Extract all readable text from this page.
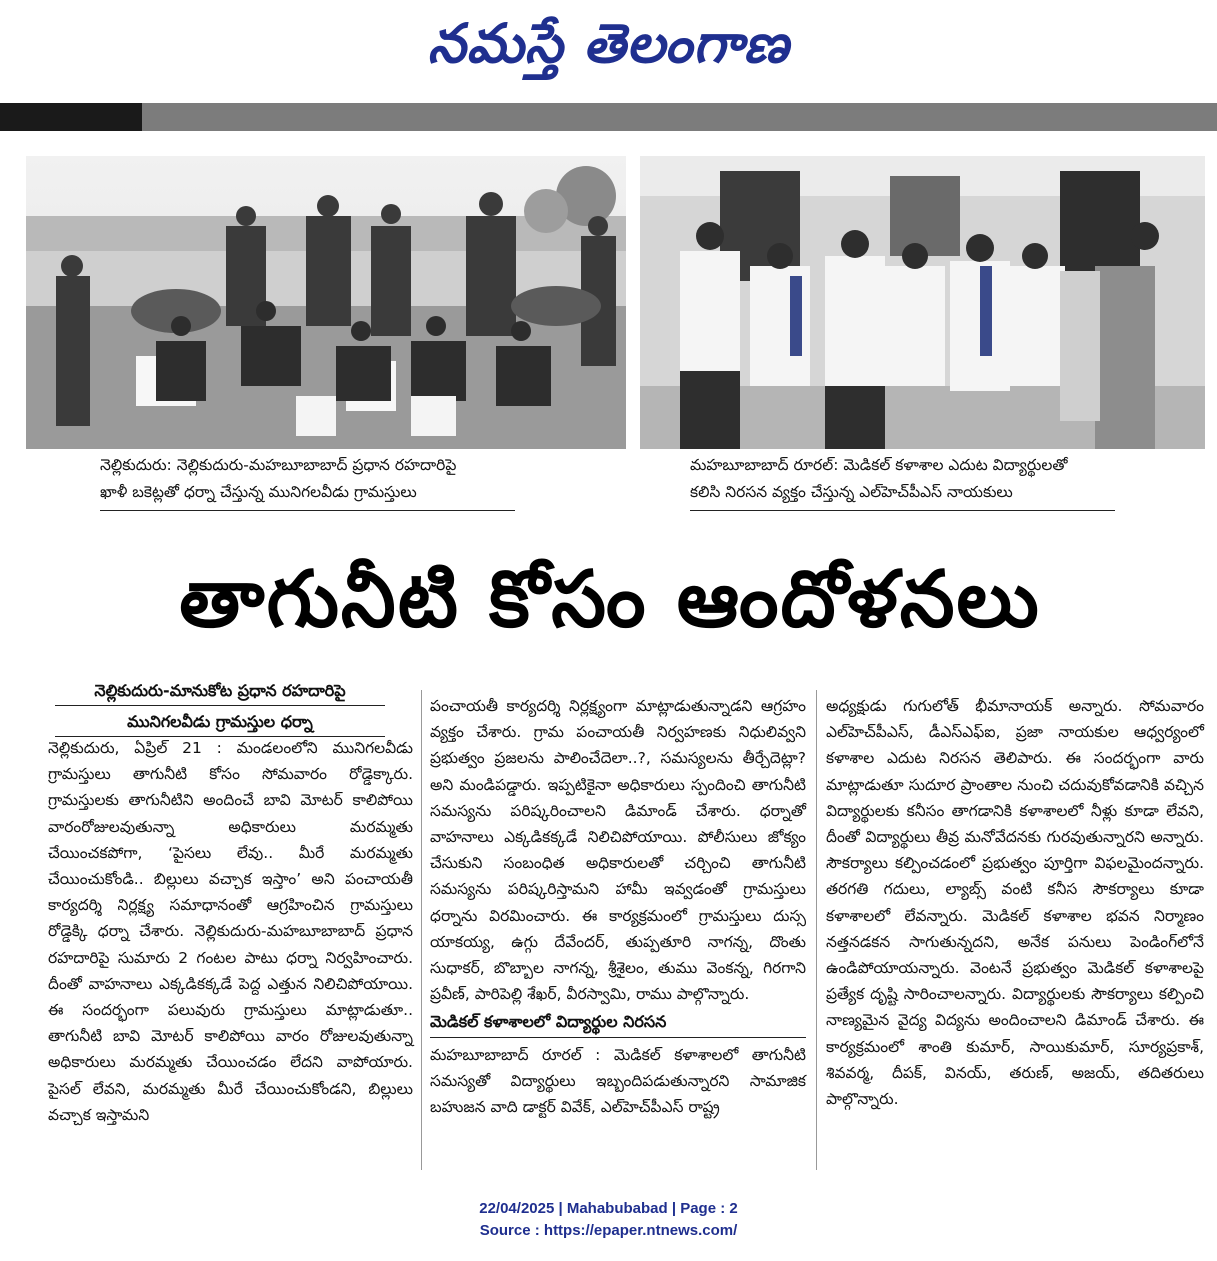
నమస్తే తెలంగాణ
నెల్లికుదురు: నెల్లికుదురు-మహబూబాబాద్ ప్రధాన రహదారిపై
ఖాళీ బకెట్లతో ధర్నా చేస్తున్న మునిగలవీడు గ్రామస్తులు
మహబూబాబాద్ రూరల్: మెడికల్ కళాశాల ఎదుట విద్యార్థులతో
కలిసి నిరసన వ్యక్తం చేస్తున్న ఎల్‌హెచ్‌పీఎస్ నాయకులు
తాగునీటి కోసం ఆందోళనలు
నెల్లికుదురు-మానుకోట ప్రధాన రహదారిపై
మునిగలవీడు గ్రామస్తుల ధర్నా

నెల్లికుదురు, ఏప్రిల్ 21 : మండలంలోని మునిగలవీడు గ్రామస్తులు తాగునీటి కోసం సోమవారం రోడ్డెక్కారు. గ్రామస్తులకు తాగునీటిని అందించే బావి మోటర్ కాలిపోయి వారంరోజులవుతున్నా అధికారులు మరమ్మతు చేయించకపోగా, ‘పైసలు లేవు.. మీరే మరమ్మతు చేయించుకోండి.. బిల్లులు వచ్చాక ఇస్తాం’ అని పంచాయతీ కార్యదర్శి నిర్లక్ష్య సమాధానంతో ఆగ్రహించిన గ్రామస్తులు రోడ్డెక్కి ధర్నా చేశారు. నెల్లికుదురు-మహబూబాబాద్ ప్రధాన రహదారిపై సుమారు 2 గంటల పాటు ధర్నా నిర్వహించారు. దీంతో వాహనాలు ఎక్కడికక్కడే పెద్ద ఎత్తున నిలిచిపోయాయి. ఈ సందర్భంగా పలువురు గ్రామస్తులు మాట్లాడుతూ.. తాగునీటి బావి మోటర్ కాలిపోయి వారం రోజులవుతున్నా అధికారులు మరమ్మతు చేయించడం లేదని వాపోయారు. పైసల్ లేవని, మరమ్మతు మీరే చేయించుకోండని, బిల్లులు వచ్చాక ఇస్తామని

పంచాయతీ కార్యదర్శి నిర్లక్ష్యంగా మాట్లాడుతున్నాడని ఆగ్రహం వ్యక్తం చేశారు. గ్రామ పంచాయతీ నిర్వహణకు నిధులివ్వని ప్రభుత్వం ప్రజలను పాలించేదెలా..?, సమస్యలను తీర్చేదెట్లా? అని మండిపడ్డారు. ఇప్పటికైనా అధికారులు స్పందించి తాగునీటి సమస్యను పరిష్కరించాలని డిమాండ్ చేశారు. ధర్నాతో వాహనాలు ఎక్కడికక్కడే నిలిచిపోయాయి. పోలీసులు జోక్యం చేసుకుని సంబంధిత అధికారులతో చర్చించి తాగునీటి సమస్యను పరిష్కరిస్తామని హామీ ఇవ్వడంతో గ్రామస్తులు ధర్నాను విరమించారు. ఈ కార్యక్రమంలో గ్రామస్తులు దుస్స యాకయ్య, ఉగ్గు దేవేందర్, తుప్పతూరి నాగన్న, దొంతు సుధాకర్, బొబ్బాల నాగన్న, శ్రీశైలం, తుము వెంకన్న, గిరగాని ప్రవీణ్, పారిపెల్లి శేఖర్, వీరస్వామి, రాము పాల్గొన్నారు.

మెడికల్ కళాశాలలో విద్యార్థుల నిరసన

మహబూబాబాద్ రూరల్ : మెడికల్ కళాశాలలో తాగునీటి సమస్యతో విద్యార్థులు ఇబ్బందిపడుతున్నారని సామాజిక బహుజన వాది డాక్టర్ వివేక్, ఎల్‌హెచ్‌పీఎస్ రాష్ట్ర

అధ్యక్షుడు గుగులోత్ భీమానాయక్ అన్నారు. సోమవారం ఎల్‌హెచ్‌పీఎస్, డీఎస్‌ఎఫ్‌ఐ, ప్రజా నాయకుల ఆధ్వర్యంలో కళాశాల ఎదుట నిరసన తెలిపారు. ఈ సందర్భంగా వారు మాట్లాడుతూ సుదూర ప్రాంతాల నుంచి చదువుకోవడానికి వచ్చిన విద్యార్థులకు కనీసం తాగడానికి కళాశాలలో నీళ్లు కూడా లేవని, దీంతో విద్యార్థులు తీవ్ర మనోవేదనకు గురవుతున్నారని అన్నారు. సౌకర్యాలు కల్పించడంలో ప్రభుత్వం పూర్తిగా విఫలమైందన్నారు. తరగతి గదులు, ల్యాబ్స్ వంటి కనీస సౌకర్యాలు కూడా కళాశాలలో లేవన్నారు. మెడికల్ కళాశాల భవన నిర్మాణం నత్తనడకన సాగుతున్నదని, అనేక పనులు పెండింగ్‌లోనే ఉండిపోయాయన్నారు. వెంటనే ప్రభుత్వం మెడికల్ కళాశాలపై ప్రత్యేక దృష్టి సారించాలన్నారు. విద్యార్థులకు సౌకర్యాలు కల్పించి నాణ్యమైన వైద్య విద్యను అందించాలని డిమాండ్ చేశారు. ఈ కార్యక్రమంలో శాంతి కుమార్, సాయికుమార్, సూర్యప్రకాశ్, శివవర్మ, దీపక్, వినయ్, తరుణ్, అజయ్, తదితరులు పాల్గొన్నారు.

22/04/2025 | Mahabubabad | Page : 2
Source : https://epaper.ntnews.com/
